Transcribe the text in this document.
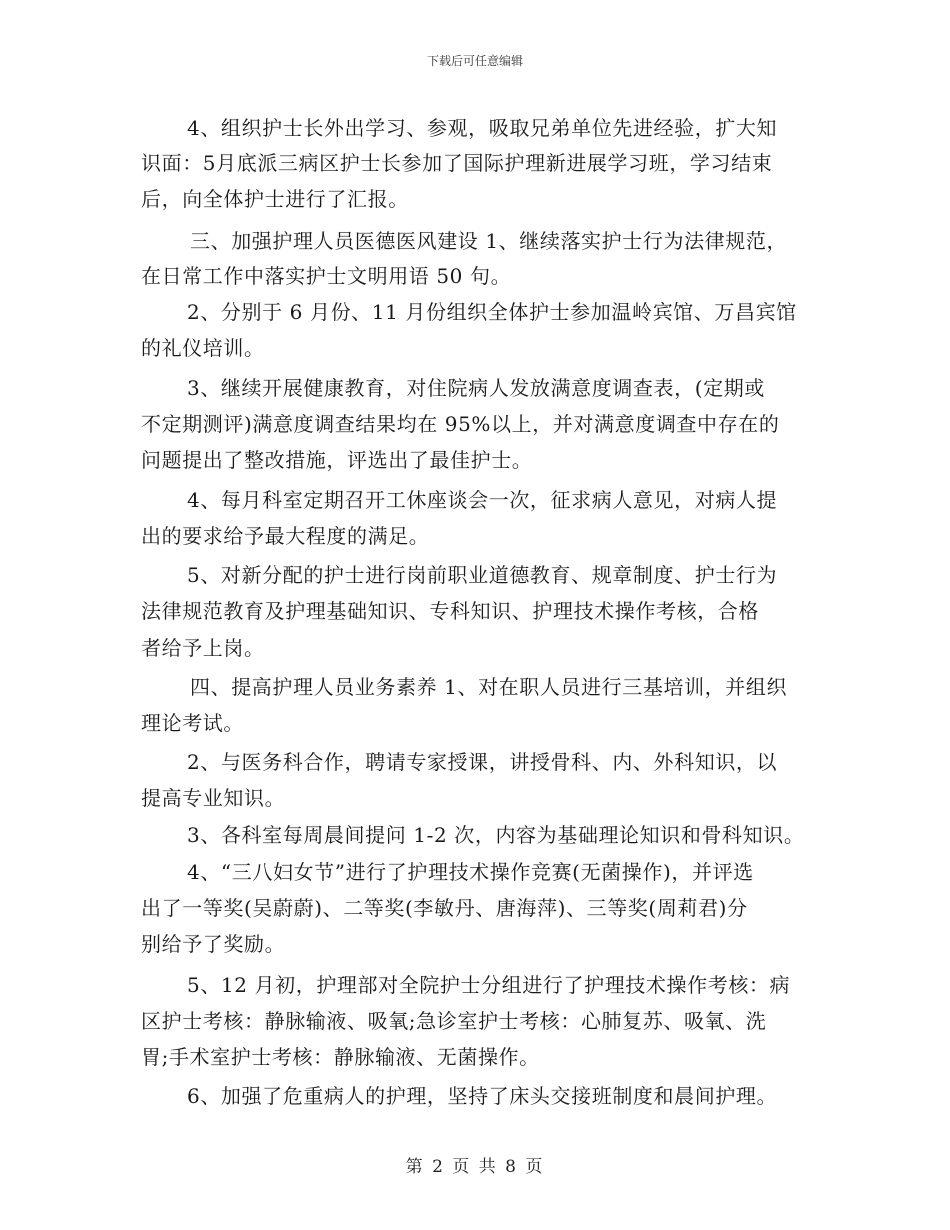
下载后可任意编辑
4、组织护士长外出学习、参观，吸取兄弟单位先进经验，扩大知
识面：5月底派三病区护士长参加了国际护理新进展学习班，学习结束
后，向全体护士进行了汇报。
三、加强护理人员医德医风建设 1、继续落实护士行为法律规范，
在日常工作中落实护士文明用语 50 句。
2、分别于 6 月份、11 月份组织全体护士参加温岭宾馆、万昌宾馆
的礼仪培训。
3、继续开展健康教育，对住院病人发放满意度调查表，(定期或
不定期测评)满意度调查结果均在 95%以上，并对满意度调查中存在的
问题提出了整改措施，评选出了最佳护士。
4、每月科室定期召开工休座谈会一次，征求病人意见，对病人提
出的要求给予最大程度的满足。
5、对新分配的护士进行岗前职业道德教育、规章制度、护士行为
法律规范教育及护理基础知识、专科知识、护理技术操作考核，合格
者给予上岗。
四、提高护理人员业务素养 1、对在职人员进行三基培训，并组织
理论考试。
2、与医务科合作，聘请专家授课，讲授骨科、内、外科知识，以
提高专业知识。
3、各科室每周晨间提问 1-2 次，内容为基础理论知识和骨科知识。
4、“三八妇女节”进行了护理技术操作竞赛(无菌操作)，并评选
出了一等奖(吴蔚蔚)、二等奖(李敏丹、唐海萍)、三等奖(周莉君)分
别给予了奖励。
5、12 月初，护理部对全院护士分组进行了护理技术操作考核：病
区护士考核：静脉输液、吸氧;急诊室护士考核：心肺复苏、吸氧、洗
胃;手术室护士考核：静脉输液、无菌操作。
6、加强了危重病人的护理，坚持了床头交接班制度和晨间护理。
第 2 页 共 8 页
